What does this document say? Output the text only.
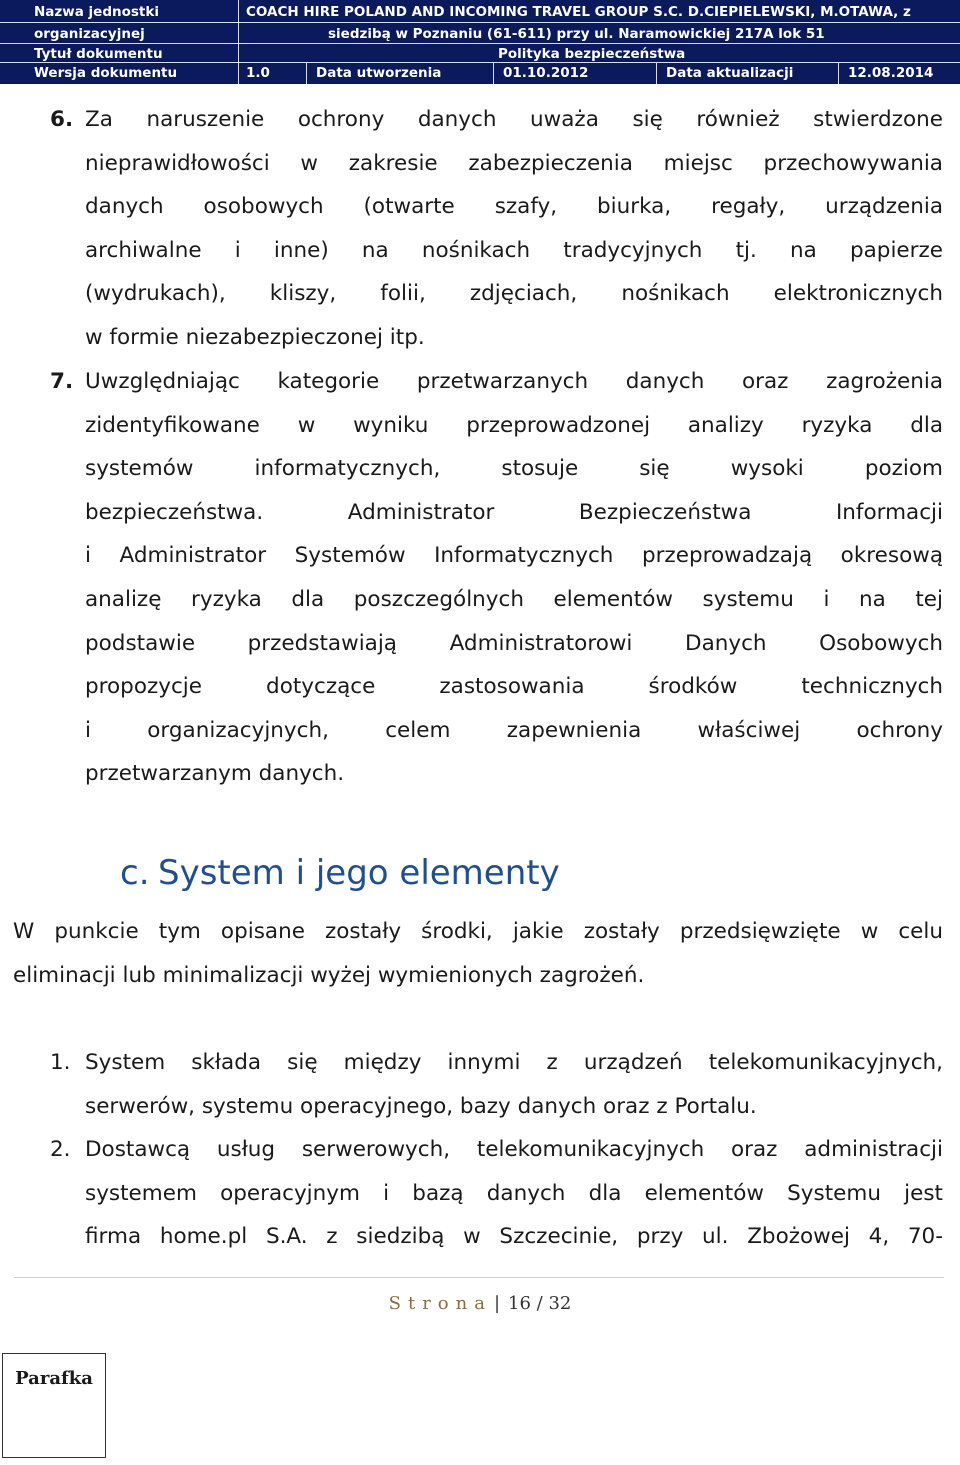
Nazwa jednostki	COACH HIRE POLAND AND INCOMING TRAVEL GROUP S.C. D.CIEPIELEWSKI, M.OTAWA, z
organizacyjnej	siedzibą w Poznaniu (61-611) przy ul. Naramowickiej 217A lok 51
Tytuł dokumentu	Polityka bezpieczeństwa
Wersja dokumentu	1.0	Data utworzenia	01.10.2012	Data aktualizacji	12.08.2014
6. Za naruszenie ochrony danych uważa się również stwierdzone
nieprawidłowości w zakresie zabezpieczenia miejsc przechowywania
danych osobowych (otwarte szafy, biurka, regały, urządzenia
archiwalne i inne) na nośnikach tradycyjnych tj. na papierze
(wydrukach), kliszy, folii, zdjęciach, nośnikach elektronicznych
w formie niezabezpieczonej itp.
7. Uwzględniając kategorie przetwarzanych danych oraz zagrożenia
zidentyfikowane w wyniku przeprowadzonej analizy ryzyka dla
systemów informatycznych, stosuje się wysoki poziom
bezpieczeństwa. Administrator Bezpieczeństwa Informacji
i Administrator Systemów Informatycznych przeprowadzają okresową
analizę ryzyka dla poszczególnych elementów systemu i na tej
podstawie przedstawiają Administratorowi Danych Osobowych
propozycje dotyczące zastosowania środków technicznych
i organizacyjnych, celem zapewnienia właściwej ochrony
przetwarzanym danych.
c. System i jego elementy
W punkcie tym opisane zostały środki, jakie zostały przedsięwzięte w celu
eliminacji lub minimalizacji wyżej wymienionych zagrożeń.
1. System składa się między innymi z urządzeń telekomunikacyjnych,
serwerów, systemu operacyjnego, bazy danych oraz z Portalu.
2. Dostawcą usług serwerowych, telekomunikacyjnych oraz administracji
systemem operacyjnym i bazą danych dla elementów Systemu jest
firma home.pl S.A. z siedzibą w Szczecinie, przy ul. Zbożowej 4, 70-
Strona | 16 / 32
Parafka
